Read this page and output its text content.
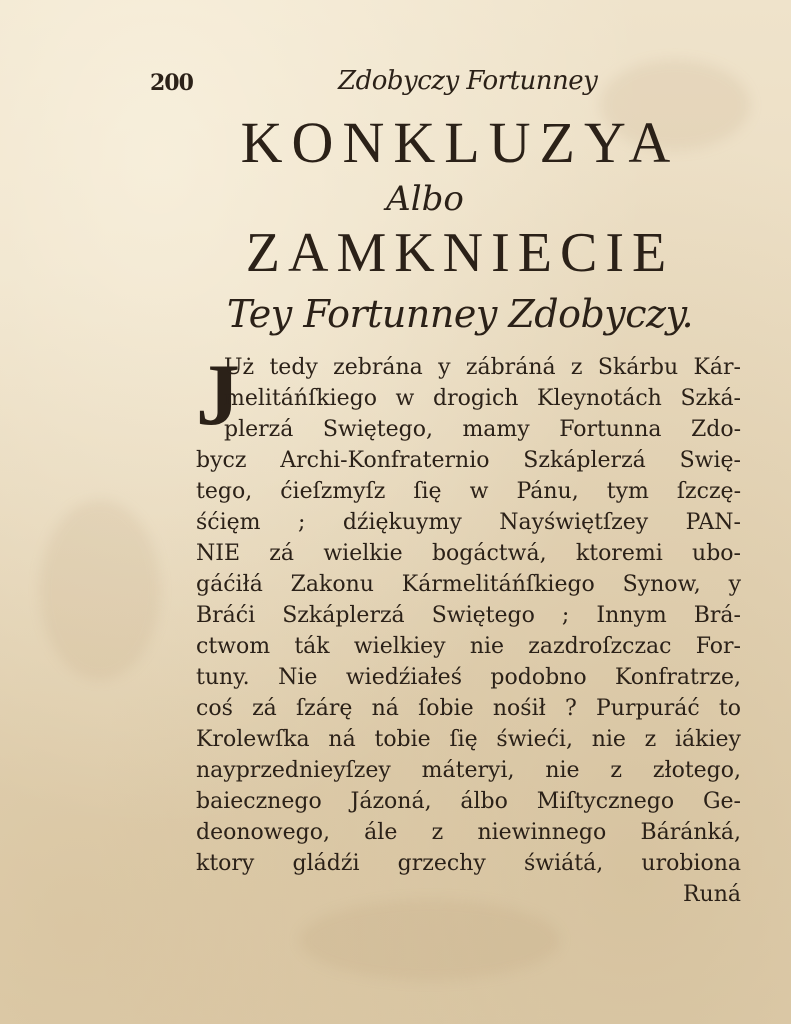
200	Zdobyczy Fortunney
KONKLUZYA
Albo
ZAMKNIECIE
Tey Fortunney Zdobyczy.
J
Uż tedy zebrána y zábráná z Skárbu Kár-
melitáńſkiego w drogich Kleynotách Szká-
plerzá Swiętego, mamy Fortunna Zdo-
bycz Archi-Konfraternio Szkáplerzá Swię-
tego, ćieſzmyſz ſię w Pánu, tym ſzczę-
śćięm ; dźiękuymy Nayświętſzey PAN-
NIE zá wielkie bogáctwá, ktoremi ubo-
gáćiłá Zakonu Kármelitáńſkiego Synow, y
Bráći Szkáplerzá Swiętego ; Innym Brá-
ctwom ták wielkiey nie zazdroſzczac For-
tuny. Nie wiedźiałeś podobno Konfratrze,
coś zá ſzárę ná ſobie nośił ? Purpuráć to
Krolewſka ná tobie ſię świeći, nie z iákiey
nayprzednieyſzey máteryi, nie z złotego,
baiecznego Jázoná, álbo Miſtycznego Ge-
deonowego, ále z niewinnego Báránká,
ktory gládźi grzechy świátá, urobiona
Runá
